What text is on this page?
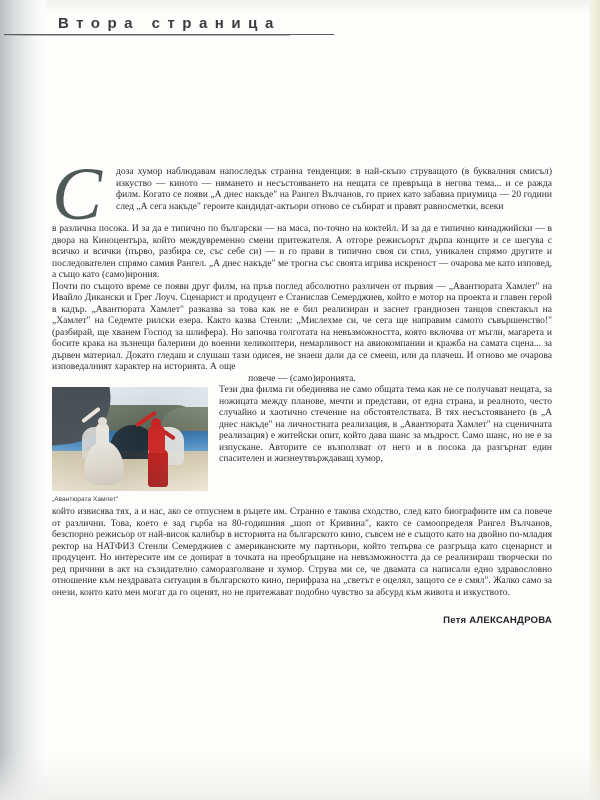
Втора страница
С	доза хумор наблюдавам напоследък странна тенденция: в най-скъпо струващото (в буквалния смисъл) изкуство — киното — нямането и несъстояването на нещата се превръща в негова тема... и се ражда филм. Когато се появи „А днес накъде" на Рангел Вълчанов, го приех като забавна приумица — 20 години след „А сега накъде" героите кандидат-актьори отново се събират и правят равносметки, всеки

в различна посока. И за да е типично по български — на маса, по-точно на коктейл. И за да е типично кинаджийски — в двора на Киноцентъра, който междувременно смени притежателя. А отгоре режисьорът дърпа конците и се шегува с всичко и всички (първо, разбира се, със себе си) — и го прави в типично своя си стил, уникален спрямо другите и последователен спрямо самия Рангел. „А днес накъде" ме трогна със своята игрива искреност — очарова ме като изповед, а също като (само)ирония.

Почти по същото време се появи друг филм, на пръв поглед абсолютно различен от първия — „Авантюрата Хамлет" на Ивайло Дикански и Грег Лоуч. Сценарист и продуцент е Станислав Семерджиев, който е мотор на проекта и главен герой в кадър. „Авантюрата Хамлет" разказва за това как не е бил реализиран и заснет грандиозен танцов спектакъл на „Хамлет" на Седемте рилски езера. Както казва Стенли: „Мислехме си, че сега ще направим самото съвършенство!" (разбирай, ще хванем Господ за шлиферa). Но започва голготата на невъзможността, която включва от мъгли, магарета и босите крака на зъзнещи балерини до военни хеликоптери, немарливост на авиокомпании и кражба на самата сцена... за дървен материал. Докато гледаш и слушаш тази одисея, не знаеш дали да се смееш, или да плачеш. И отново ме очарова изповедалният характер на историята. А още

повече — (само)иронията.

„Авантюрата Хамлет"

Тези два филма ги обединява не само общата тема как не се получават нещата, за ножицата между планове, мечти и представи, от една страна, и реалното, често случайно и хаотично стечение на обстоятелствата. В тях несъстояването (в „А днес накъде" на личностната реализация, в „Авантюрата Хамлет" на сценичната реализация) е житейски опит, който дава шанс за мъдрост. Само шанс, но не е за изпускане. Авторите се възползват от него и в посока да разгърнат един спасителен и жизнеутвърждаващ хумор,

който извисява тях, а и нас, ако се отпуснем в ръцете им. Странно е такова сходство, след като биографиите им са повече от различни. Това, което е зад гърба на 80-годишния „шоп от Кривина", както се самоопределя Рангел Вълчанов, безспорно режисьор от най-висок калибър в историята на българското кино, съвсем не е същото като на двойно по-младия ректор на НАТФИЗ Стенли Семерджиев с американските му партньори, който тепърва се разгръща като сценарист и продуцент. Но интересите им се допират в точката на преобръщане на невъзможността да се реализираш творчески по ред причини в акт на съзидателно саморазголване и хумор. Струва ми се, че двамата са написали едно здравословно отношение към нездравата ситуация в българското кино, перифраза на „светът е оцелял, защото се е смял". Жалко само за онези, които като мен могат да го оценят, но не притежават подобно чувство за абсурд към живота и изкуството.

Петя АЛЕКСАНДРОВА
